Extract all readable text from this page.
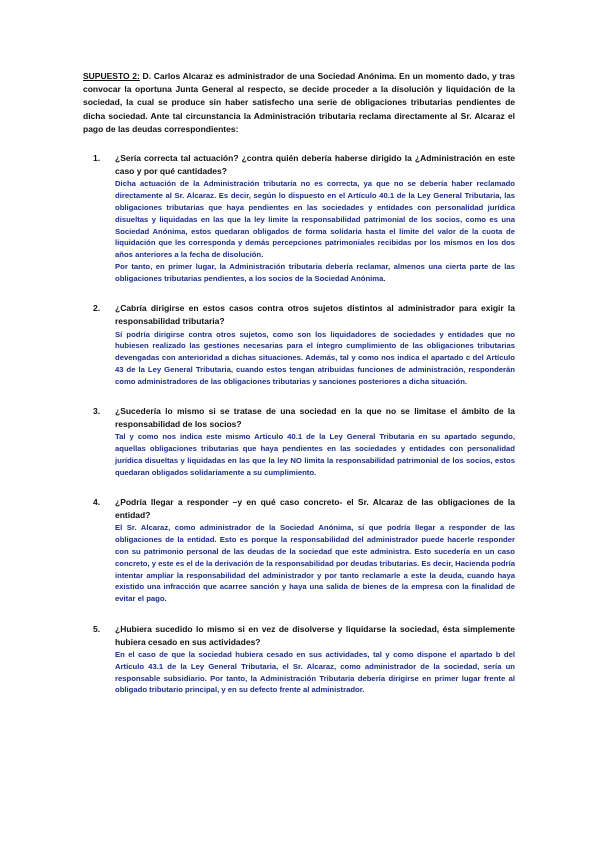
SUPUESTO 2: D. Carlos Alcaraz es administrador de una Sociedad Anónima. En un momento dado, y tras convocar la oportuna Junta General al respecto, se decide proceder a la disolución y liquidación de la sociedad, la cual se produce sin haber satisfecho una serie de obligaciones tributarias pendientes de dicha sociedad. Ante tal circunstancia la Administración tributaria reclama directamente al Sr. Alcaraz el pago de las deudas correspondientes:

1. ¿Sería correcta tal actuación? ¿contra quién debería haberse dirigido la ¿Administración en este caso y por qué cantidades?

Dicha actuación de la Administración tributaria no es correcta, ya que no se debería haber reclamado directamente al Sr. Alcaraz. Es decir, según lo dispuesto en el Artículo 40.1 de la Ley General Tributaria, las obligaciones tributarias que haya pendientes en las sociedades y entidades con personalidad jurídica disueltas y liquidadas en las que la ley limite la responsabilidad patrimonial de los socios, como es una Sociedad Anónima, estos quedaran obligados de forma solidaria hasta el límite del valor de la cuota de liquidación que les corresponda y demás percepciones patrimoniales recibidas por los mismos en los dos años anteriores a la fecha de disolución.

Por tanto, en primer lugar, la Administración tributaria debería reclamar, almenos una cierta parte de las obligaciones tributarias pendientes, a los socios de la Sociedad Anónima.

2. ¿Cabría dirigirse en estos casos contra otros sujetos distintos al administrador para exigir la responsabilidad tributaria?

Sí podría dirigirse contra otros sujetos, como son los liquidadores de sociedades y entidades que no hubiesen realizado las gestiones necesarias para el íntegro cumplimiento de las obligaciones tributarias devengadas con anterioridad a dichas situaciones. Además, tal y como nos indica el apartado c del Artículo 43 de la Ley General Tributaria, cuando estos tengan atribuidas funciones de administración, responderán como administradores de las obligaciones tributarias y sanciones posteriores a dicha situación.

3. ¿Sucedería lo mismo si se tratase de una sociedad en la que no se limitase el ámbito de la responsabilidad de los socios?

Tal y como nos indica este mismo Artículo 40.1 de la Ley General Tributaria en su apartado segundo, aquellas obligaciones tributarias que haya pendientes en las sociedades y entidades con personalidad jurídica disueltas y liquidadas en las que la ley NO limita la responsabilidad patrimonial de los socios, estos quedaran obligados solidariamente a su cumplimiento.

4. ¿Podría llegar a responder –y en qué caso concreto- el Sr. Alcaraz de las obligaciones de la entidad?

El Sr. Alcaraz, como administrador de la Sociedad Anónima, sí que podría llegar a responder de las obligaciones de la entidad. Esto es porque la responsabilidad del administrador puede hacerle responder con su patrimonio personal de las deudas de la sociedad que este administra. Esto sucedería en un caso concreto, y este es el de la derivación de la responsabilidad por deudas tributarias. Es decir, Hacienda podría intentar ampliar la responsabilidad del administrador y por tanto reclamarle a este la deuda, cuando haya existido una infracción que acarree sanción y haya una salida de bienes de la empresa con la finalidad de evitar el pago.

5. ¿Hubiera sucedido lo mismo si en vez de disolverse y liquidarse la sociedad, ésta simplemente hubiera cesado en sus actividades?

En el caso de que la sociedad hubiera cesado en sus actividades, tal y como dispone el apartado b del Artículo 43.1 de la Ley General Tributaria, el Sr. Alcaraz, como administrador de la sociedad, sería un responsable subsidiario. Por tanto, la Administración Tributaria debería dirigirse en primer lugar frente al obligado tributario principal, y en su defecto frente al administrador.
